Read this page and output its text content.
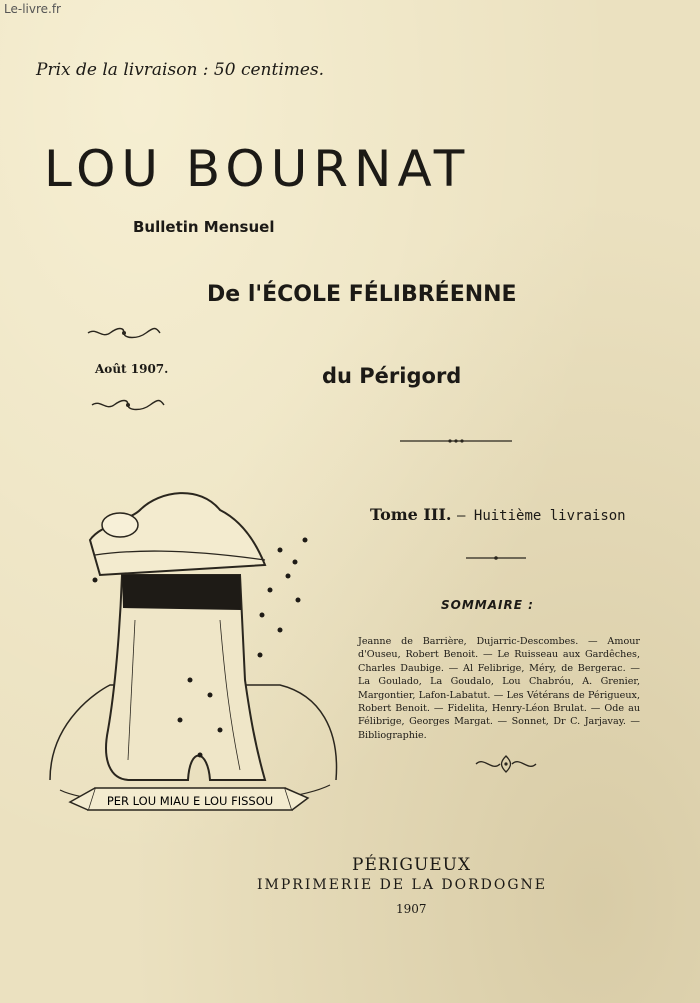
Le-livre.fr
Prix de la livraison : 50 centimes.
LOU BOURNAT
Bulletin Mensuel
De l'ÉCOLE FÉLIBRÉENNE
du Périgord
Août 1907.
Tome III. — Huitième livraison
SOMMAIRE :
Jeanne de Barrière, Dujarric-Descombes. — Amour d'Ouseu, Robert Benoit. — Le Ruisseau aux Gardêches, Charles Daubige. — Al Felibrige, Méry, de Bergerac. — La Goulado, La Goudalo, Lou Chabróu, A. Grenier, Margontier, Lafon-Labatut. — Les Vétérans de Périgueux, Robert Benoit. — Fidelita, Henry-Léon Brulat. — Ode au Félibrige, Georges Margat. — Sonnet, Dr C. Jarjavay. — Bibliographie.
PER LOU MIAU E LOU FISSOU
PÉRIGUEUX
IMPRIMERIE DE LA DORDOGNE
1907
